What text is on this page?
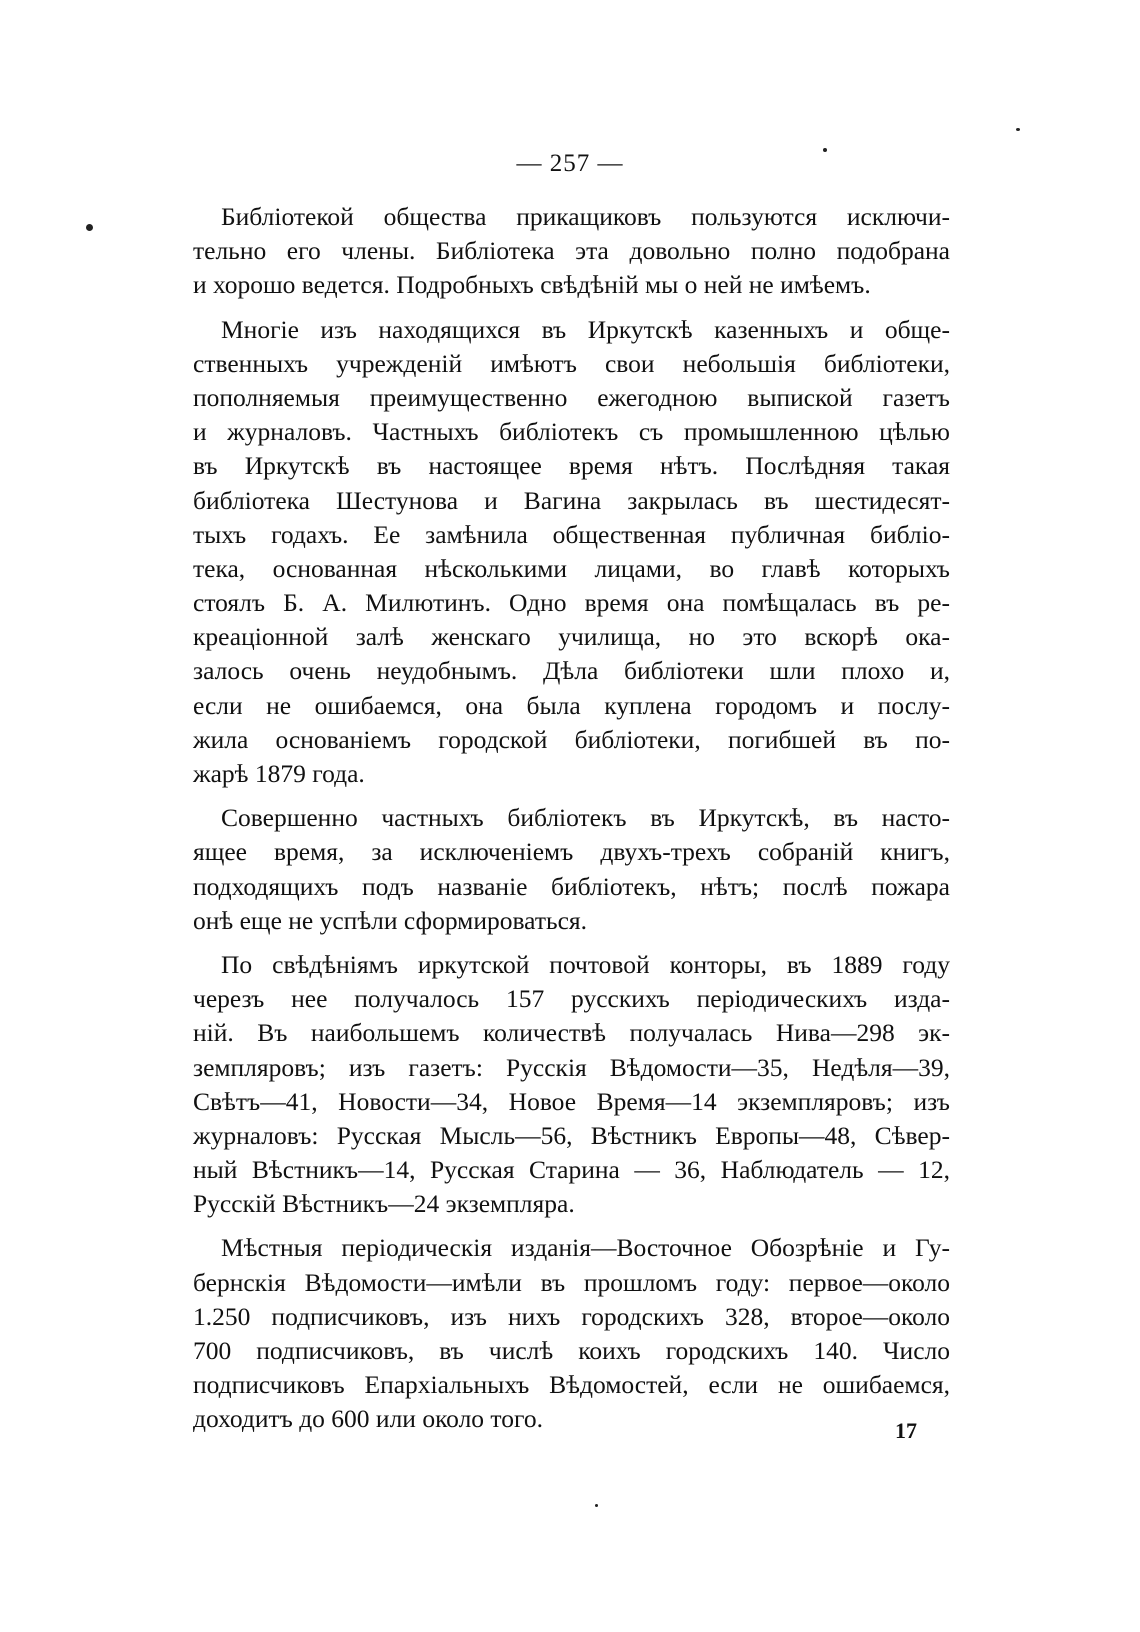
— 257 —
Библіотекой общества прикащиковъ пользуются исключи-
тельно его члены. Библіотека эта довольно полно подобрана
и хорошо ведется. Подробныхъ свѣдѣній мы о ней не имѣемъ.
Многіе изъ находящихся въ Иркутскѣ казенныхъ и обще-
ственныхъ учрежденій имѣютъ свои небольшія библіотеки,
пополняемыя преимущественно ежегодною выпиской газетъ
и журналовъ. Частныхъ библіотекъ съ промышленною цѣлью
въ Иркутскѣ въ настоящее время нѣтъ. Послѣдняя такая
библіотека Шестунова и Вагина закрылась въ шестидесят-
тыхъ годахъ. Ее замѣнила общественная публичная библіо-
тека, основанная нѣсколькими лицами, во главѣ которыхъ
стоялъ Б. А. Милютинъ. Одно время она помѣщалась въ ре-
креаціонной залѣ женскаго училища, но это вскорѣ ока-
залось очень неудобнымъ. Дѣла библіотеки шли плохо и,
если не ошибаемся, она была куплена городомъ и послу-
жила основаніемъ городской библіотеки, погибшей въ по-
жарѣ 1879 года.
Совершенно частныхъ библіотекъ въ Иркутскѣ, въ насто-
ящее время, за исключеніемъ двухъ-трехъ собраній книгъ,
подходящихъ подъ названіе библіотекъ, нѣтъ; послѣ пожара
онѣ еще не успѣли сформироваться.
По свѣдѣніямъ иркутской почтовой конторы, въ 1889 году
черезъ нее получалось 157 русскихъ періодическихъ изда-
ній. Въ наибольшемъ количествѣ получалась Нива—298 эк-
земпляровъ; изъ газетъ: Русскія Вѣдомости—35, Недѣля—39,
Свѣтъ—41, Новости—34, Новое Время—14 экземпляровъ; изъ
журналовъ: Русская Мысль—56, Вѣстникъ Европы—48, Сѣвер-
ный Вѣстникъ—14, Русская Старина — 36, Наблюдатель — 12,
Русскій Вѣстникъ—24 экземпляра.
Мѣстныя періодическія изданія—Восточное Обозрѣніе и Гу-
бернскія Вѣдомости—имѣли въ прошломъ году: первое—около
1.250 подписчиковъ, изъ нихъ городскихъ 328, второе—около
700 подписчиковъ, въ числѣ коихъ городскихъ 140. Число
подписчиковъ Епархіальныхъ Вѣдомостей, если не ошибаемся,
доходитъ до 600 или около того.	17
